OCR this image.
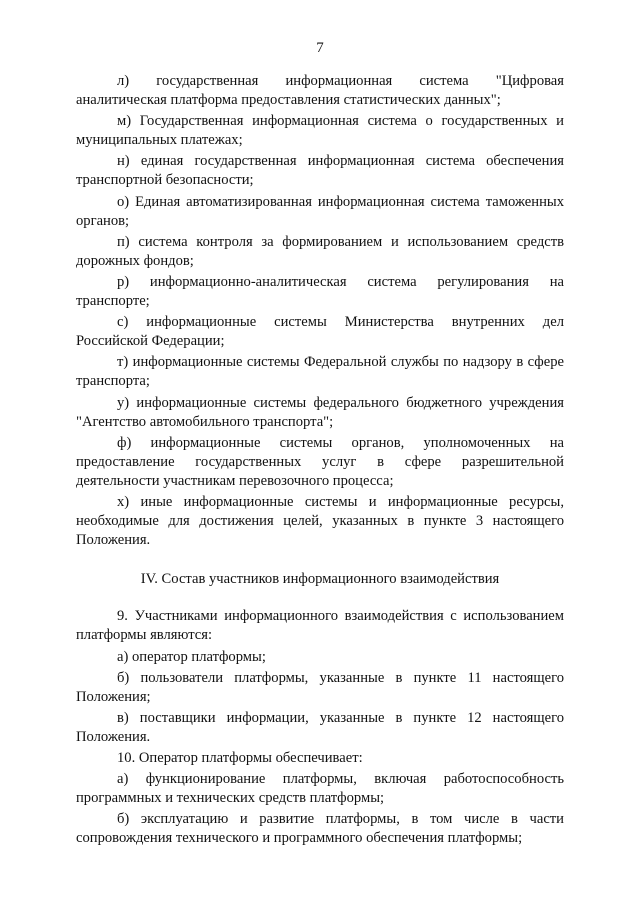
7

л) государственная информационная система "Цифровая аналитическая платформа предоставления статистических данных";

м) Государственная информационная система о государственных и муниципальных платежах;

н) единая государственная информационная система обеспечения транспортной безопасности;

о) Единая автоматизированная информационная система таможенных органов;

п) система контроля за формированием и использованием средств дорожных фондов;

р) информационно-аналитическая система регулирования на транспорте;

с) информационные системы Министерства внутренних дел Российской Федерации;

т) информационные системы Федеральной службы по надзору в сфере транспорта;

у) информационные системы федерального бюджетного учреждения "Агентство автомобильного транспорта";

ф) информационные системы органов, уполномоченных на предоставление государственных услуг в сфере разрешительной деятельности участникам перевозочного процесса;

х) иные информационные системы и информационные ресурсы, необходимые для достижения целей, указанных в пункте 3 настоящего Положения.

IV. Состав участников информационного взаимодействия

9. Участниками информационного взаимодействия с использованием платформы являются:

а) оператор платформы;

б) пользователи платформы, указанные в пункте 11 настоящего Положения;

в) поставщики информации, указанные в пункте 12 настоящего Положения.

10. Оператор платформы обеспечивает:

а) функционирование платформы, включая работоспособность программных и технических средств платформы;

б) эксплуатацию и развитие платформы, в том числе в части сопровождения технического и программного обеспечения платформы;
